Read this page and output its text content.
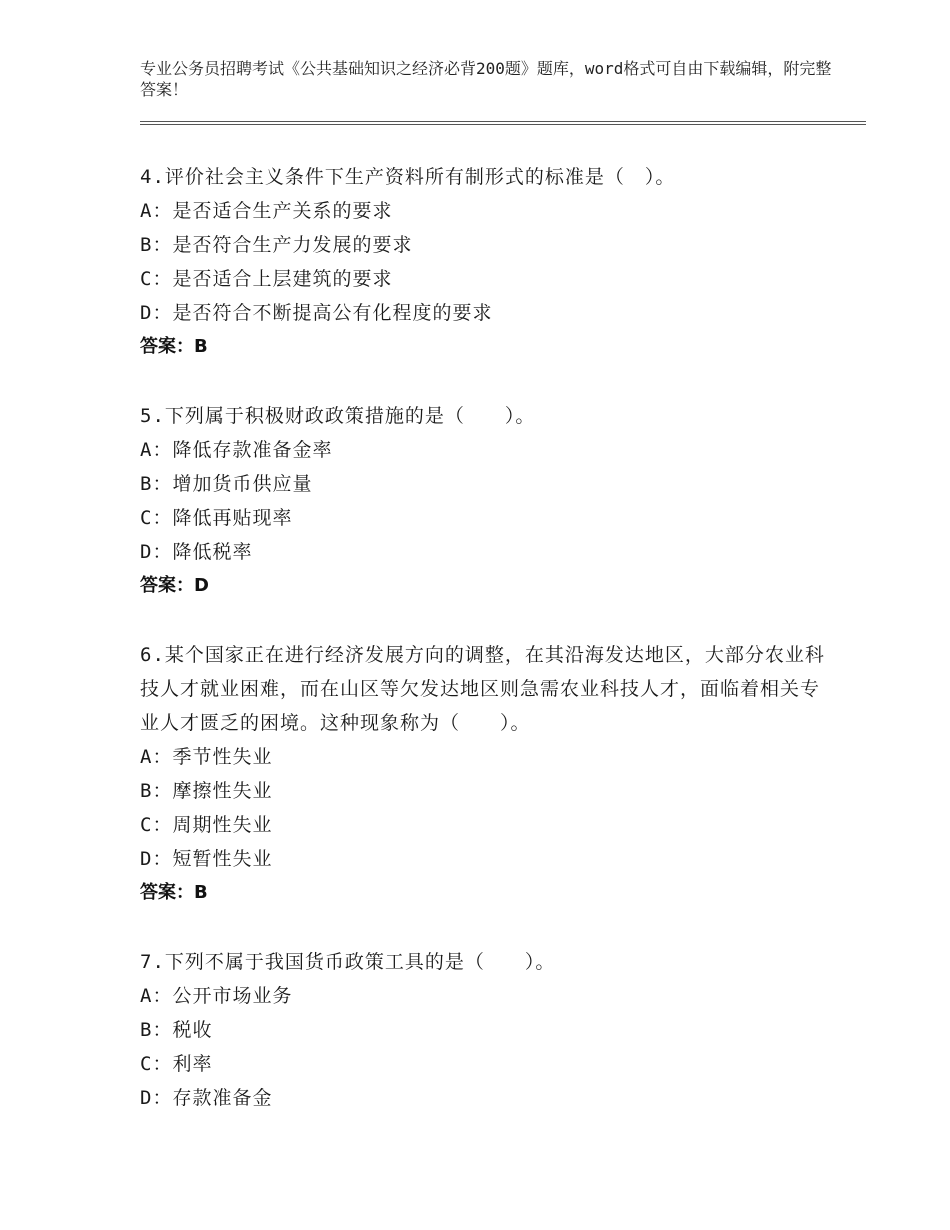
专业公务员招聘考试《公共基础知识之经济必背200题》题库，word格式可自由下载编辑，附完整答案！
4.评价社会主义条件下生产资料所有制形式的标准是（　）。
A：是否适合生产关系的要求
B：是否符合生产力发展的要求
C：是否适合上层建筑的要求
D：是否符合不断提高公有化程度的要求
答案：B
5.下列属于积极财政政策措施的是（　　）。
A：降低存款准备金率
B：增加货币供应量
C：降低再贴现率
D：降低税率
答案：D
6.某个国家正在进行经济发展方向的调整，在其沿海发达地区，大部分农业科技人才就业困难，而在山区等欠发达地区则急需农业科技人才，面临着相关专业人才匮乏的困境。这种现象称为（　　）。
A：季节性失业
B：摩擦性失业
C：周期性失业
D：短暂性失业
答案：B
7.下列不属于我国货币政策工具的是（　　）。
A：公开市场业务
B：税收
C：利率
D：存款准备金
